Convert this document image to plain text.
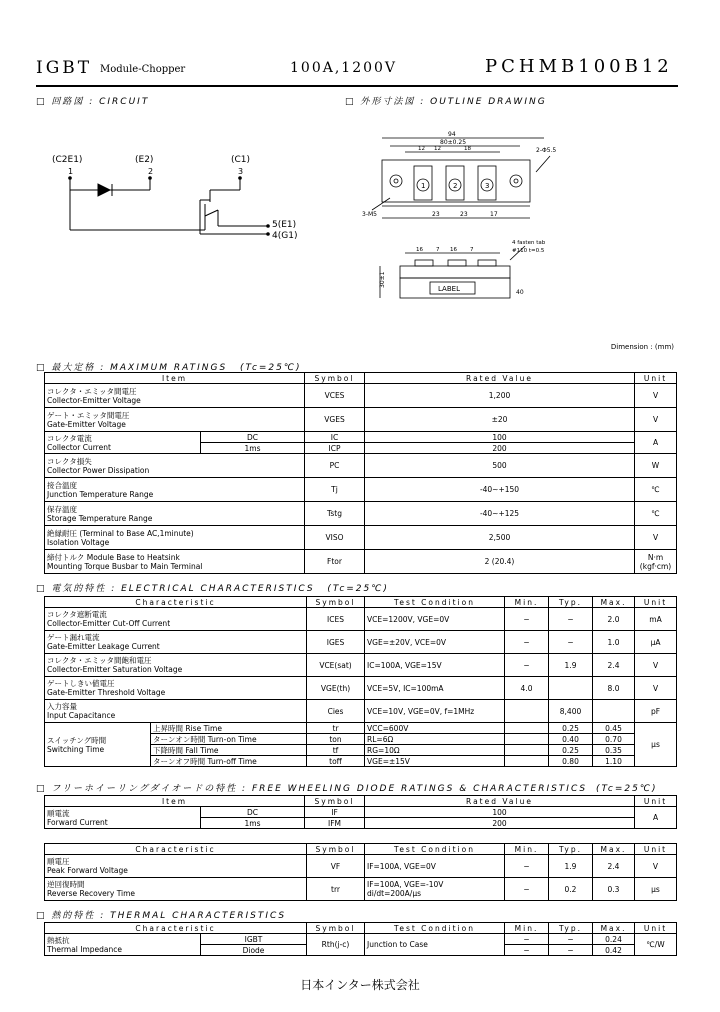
IGBT Module-Chopper	100A,1200V	PCHMB100B12
□ 回路図 : CIRCUIT	□ 外形寸法図 : OUTLINE DRAWING
(C2E1)
1
(E2)
2
(C1)
3
5(E1)
4(G1)
94
80±0.25
12 12	18
23	23	17
2-Φ5.5
3-M5
16 7 16 7
4 fasten tab
#110 t=0.5
30±1
LABEL	40
1	2	3
Dimension : (mm)
□ 最大定格 : MAXIMUM RATINGS (Tc=25℃)
Item		Symbol	Rated Value	Unit

コレクタ・エミッタ間電圧
Collector-Emitter Voltage		VCES	1,200	V

ゲート・エミッタ間電圧
Gate-Emitter Voltage		VGES	±20	V

コレクタ電流
Collector Current	DC	IC	100	A
	1ms	ICP	200	

コレクタ損失
Collector Power Dissipation		PC	500	W

接合温度
Junction Temperature Range		Tj	-40~+150	℃

保存温度
Storage Temperature Range		Tstg	-40~+125	℃

絶縁耐圧 (Terminal to Base AC,1minute)
Isolation Voltage		VISO	2,500	V

締付トルク Module Base to Heatsink
Mounting Torque Busbar to Main Terminal		Ftor	2 (20.4)	N·m
(kgf·cm)
□ 電気的特性 : ELECTRICAL CHARACTERISTICS (Tc=25℃)
Characteristic		Symbol	Test Condition	Min.	Typ.	Max.	Unit

コレクタ遮断電流
Collector-Emitter Cut-Off Current		ICES	VCE=1200V, VGE=0V	−	−	2.0	mA

ゲート漏れ電流
Gate-Emitter Leakage Current		IGES	VGE=±20V, VCE=0V	−	−	1.0	μA

コレクタ・エミッタ間飽和電圧
Collector-Emitter Saturation Voltage		VCE(sat)	IC=100A, VGE=15V	−	1.9	2.4	V

ゲートしきい値電圧
Gate-Emitter Threshold Voltage		VGE(th)	VCE=5V, IC=100mA	4.0		8.0	V

入力容量
Input Capacitance		Cies	VCE=10V, VGE=0V, f=1MHz		8,400		pF

スイッチング時間
Switching Time	上昇時間 Rise Time	tr	VCC=600V		0.25	0.45	μs
	ターンオン時間 Turn-on Time	ton	RL=6Ω		0.40	0.70	
	下降時間 Fall Time	tf	RG=10Ω		0.25	0.35	
	ターンオフ時間 Turn-off Time	toff	VGE=±15V		0.80	1.10	
□ フリーホイーリングダイオードの特性 : FREE WHEELING DIODE RATINGS & CHARACTERISTICS (Tc=25℃)
Item		Symbol	Rated Value	Unit

順電流
Forward Current	DC	IF	100	A
	1ms	IFM	200	
Characteristic	Symbol	Test Condition	Min.	Typ.	Max.	Unit

順電圧
Peak Forward Voltage	VF	IF=100A, VGE=0V	−	1.9	2.4	V

逆回復時間
Reverse Recovery Time	trr	IF=100A, VGE=-10V
di/dt=200A/μs	−	0.2	0.3	μs
□ 熱的特性 : THERMAL CHARACTERISTICS
Characteristic		Symbol	Test Condition	Min.	Typ.	Max.	Unit

熱抵抗
Thermal Impedance	IGBT	Rth(j-c)	Junction to Case	−	−	0.24	℃/W
	Diode			−	−	0.42	
日本インター株式会社
